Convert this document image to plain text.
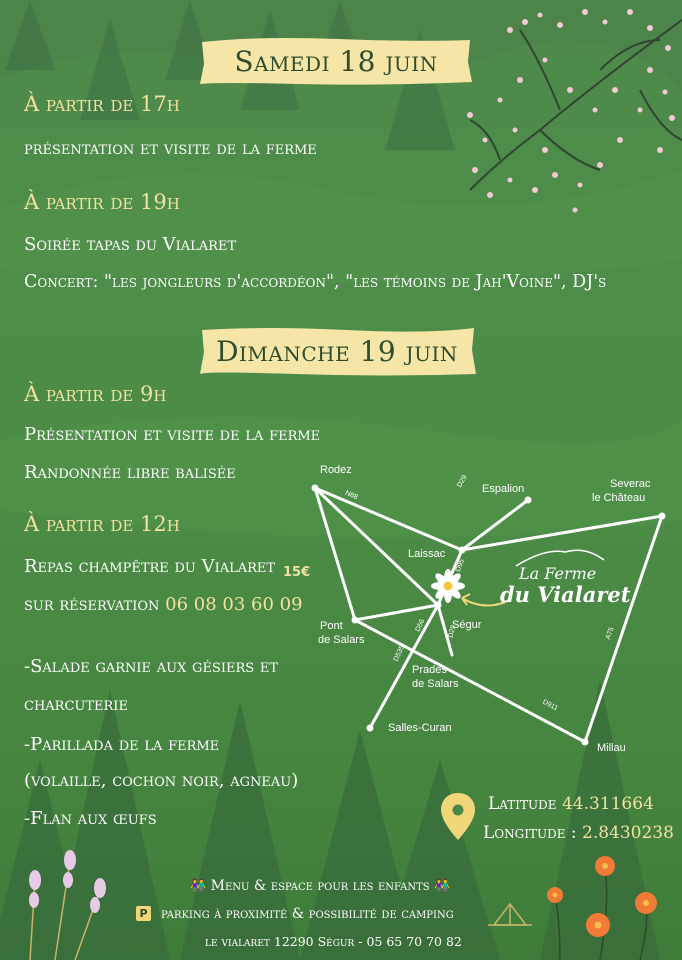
Samedi 18 juin
À partir de 17h
présentation et visite de la ferme
À partir de 19h
Soirée tapas du Vialaret
Concert: "les jongleurs d'accordéon", "les témoins de Jah'Voine", DJ's
Dimanche 19 juin
À partir de 9h
Présentation et visite de la ferme
Randonnée libre balisée
À partir de 12h
Repas champêtre du Vialaret 15€
sur réservation 06 08 03 60 09
-Salade garnie aux gésiers et
charcuterie
-Parillada de la ferme
(volaille, cochon noir, agneau)
-Flan aux œufs
Rodez
Espalion	Severac
le Château
Laissac
Ségur
Pont
de Salars
Prades
de Salars
Salles-Curan
Millau
N88
D95
D29
D29
D56
D535
A75
D911
La Ferme
du Vialaret
Latitude 44.311664
Longitude : 2.8430238
👫 Menu & espace pour les enfants 👫
P parking à proximité & possibilité de camping
le vialaret 12290 Ségur - 05 65 70 70 82
